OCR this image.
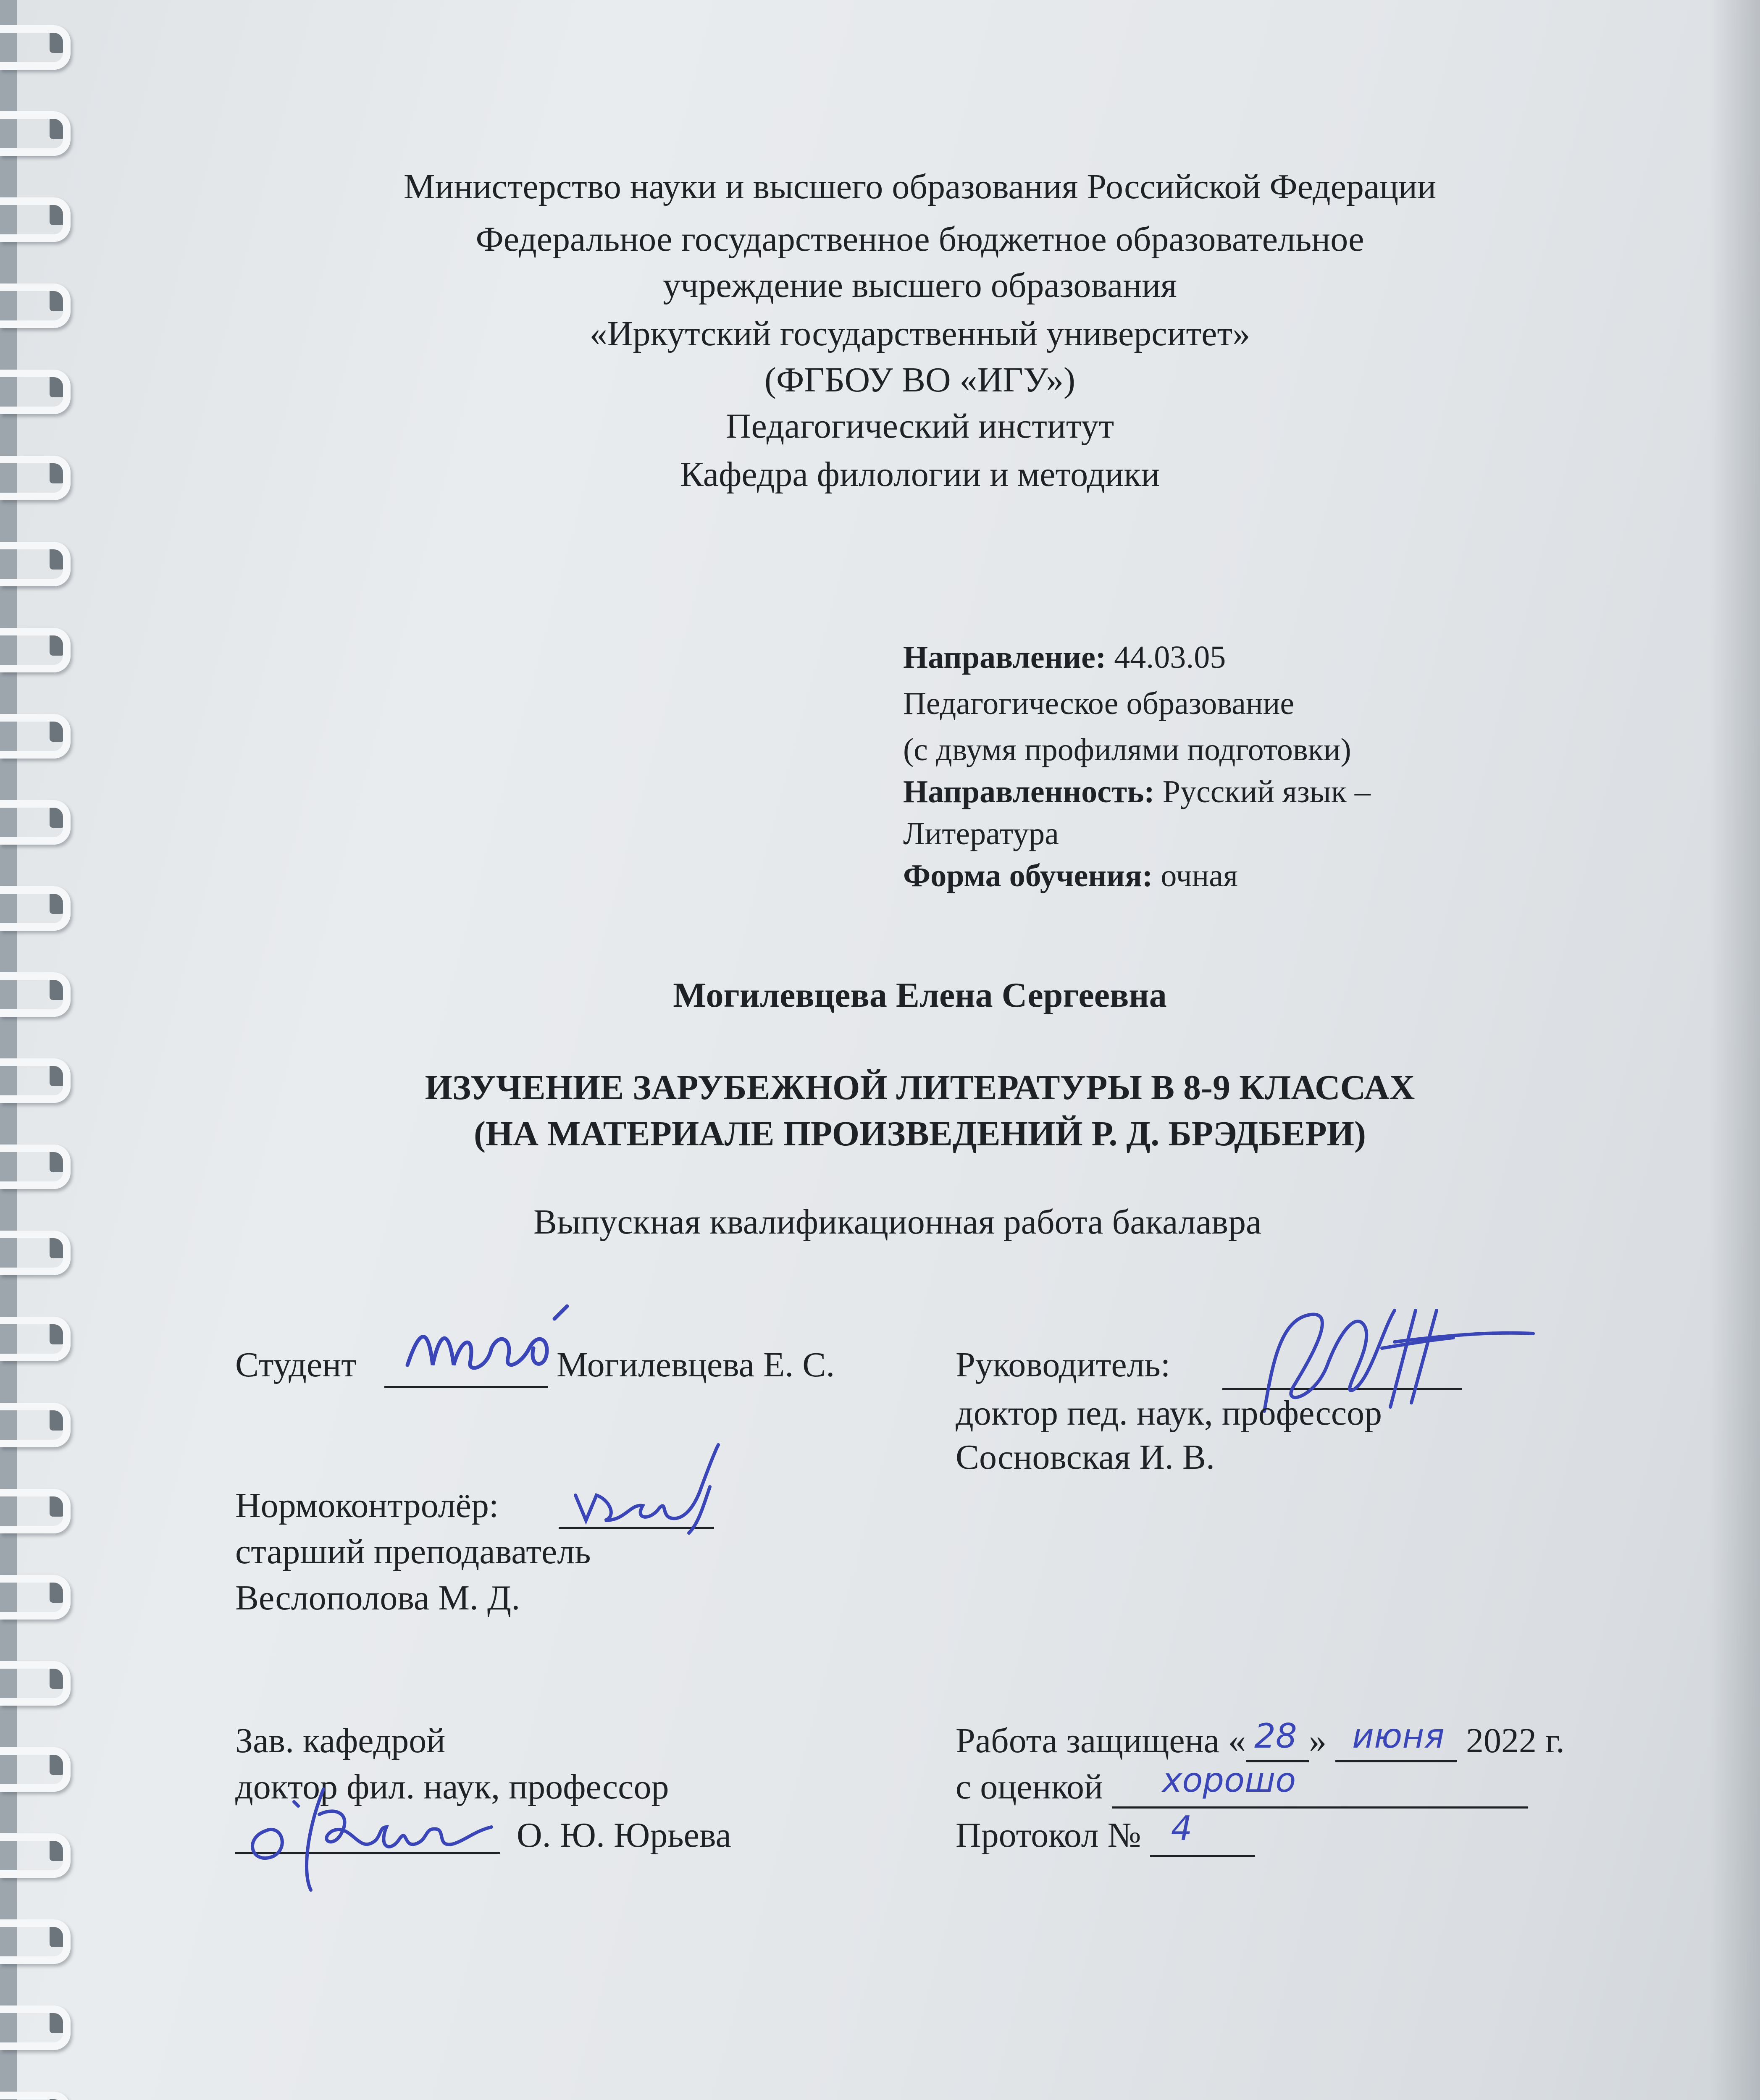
Министерство науки и высшего образования Российской Федерации
Федеральное государственное бюджетное образовательное
учреждение высшего образования
«Иркутский государственный университет»
(ФГБОУ ВО «ИГУ»)
Педагогический институт
Кафедра филологии и методики
Направление: 44.03.05
Педагогическое образование
(с двумя профилями подготовки)
Направленность: Русский язык –
Литература
Форма обучения: очная
Могилевцева Елена Сергеевна
ИЗУЧЕНИЕ ЗАРУБЕЖНОЙ ЛИТЕРАТУРЫ В 8-9 КЛАССАХ
(НА МАТЕРИАЛЕ ПРОИЗВЕДЕНИЙ Р. Д. БРЭДБЕРИ)
Выпускная квалификационная работа бакалавра
Студент	Могилевцева Е. С.	Руководитель:
доктор пед. наук, профессор
Сосновская И. В.
Нормоконтролёр:
старший преподаватель
Веслополова М. Д.
Зав. кафедрой
доктор фил. наук, профессор
О. Ю. Юрьева
Работа защищена « 28 » июня 2022 г.
с оценкой хорошо
Протокол № 4
